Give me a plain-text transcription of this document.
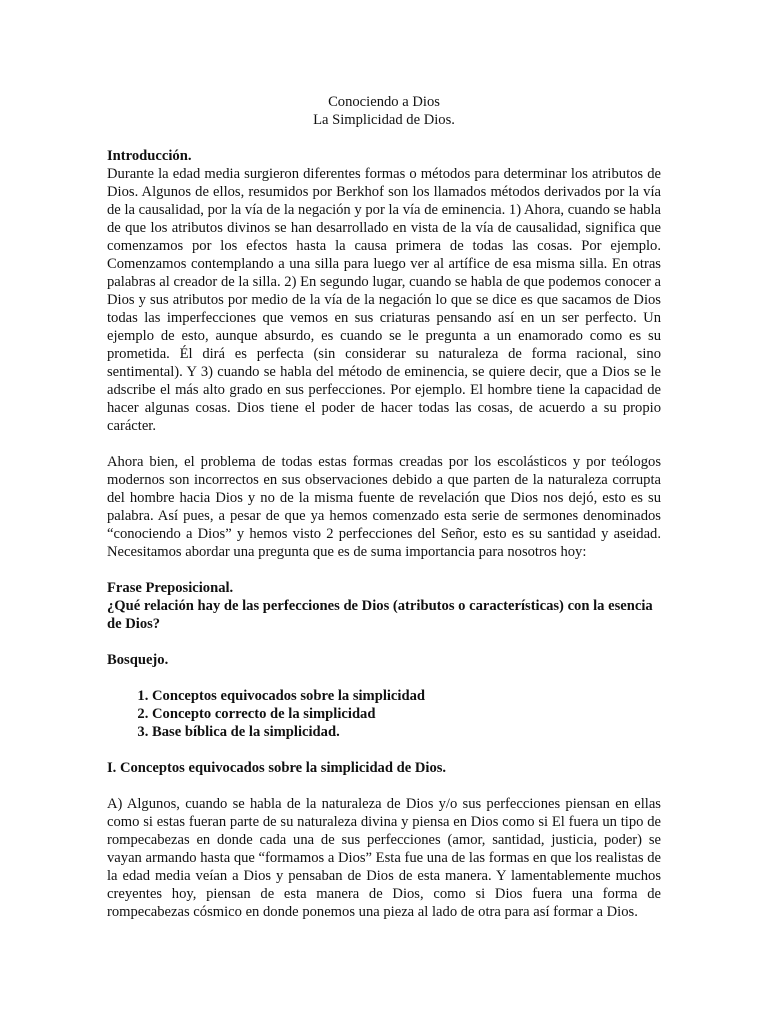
Conociendo a Dios

La Simplicidad de Dios.

Introducción.

Durante la edad media surgieron diferentes formas o métodos para determinar los atributos de Dios. Algunos de ellos, resumidos por Berkhof son los llamados métodos derivados por la vía de la causalidad, por la vía de la negación y por la vía de eminencia. 1) Ahora, cuando se habla de que los atributos divinos se han desarrollado en vista de la vía de causalidad, significa que comenzamos por los efectos hasta la causa primera de todas las cosas. Por ejemplo. Comenzamos contemplando a una silla para luego ver al artífice de esa misma silla. En otras palabras al creador de la silla. 2) En segundo lugar, cuando se habla de que podemos conocer a Dios y sus atributos por medio de la vía de la negación lo que se dice es que sacamos de Dios todas las imperfecciones que vemos en sus criaturas pensando así en un ser perfecto. Un ejemplo de esto, aunque absurdo, es cuando se le pregunta a un enamorado como es su prometida. Él dirá es perfecta (sin considerar su naturaleza de forma racional, sino sentimental). Y 3) cuando se habla del método de eminencia, se quiere decir, que a Dios se le adscribe el más alto grado en sus perfecciones. Por ejemplo. El hombre tiene la capacidad de hacer algunas cosas. Dios tiene el poder de hacer todas las cosas, de acuerdo a su propio carácter.

Ahora bien, el problema de todas estas formas creadas por los escolásticos y por teólogos modernos son incorrectos en sus observaciones debido a que parten de la naturaleza corrupta del hombre hacia Dios y no de la misma fuente de revelación que Dios nos dejó, esto es su palabra. Así pues, a pesar de que ya hemos comenzado esta serie de sermones denominados “conociendo a Dios” y hemos visto 2 perfecciones del Señor, esto es su santidad y aseidad. Necesitamos abordar una pregunta que es de suma importancia para nosotros hoy:

Frase Preposicional.

¿Qué relación hay de las perfecciones de Dios (atributos o características) con la esencia de Dios?

Bosquejo.

1. Conceptos equivocados sobre la simplicidad
2. Concepto correcto de la simplicidad
3. Base bíblica de la simplicidad.

I. Conceptos equivocados sobre la simplicidad de Dios.

A) Algunos, cuando se habla de la naturaleza de Dios y/o sus perfecciones piensan en ellas como si estas fueran parte de su naturaleza divina y piensa en Dios como si El fuera un tipo de rompecabezas en donde cada una de sus perfecciones (amor, santidad, justicia, poder) se vayan armando hasta que “formamos a Dios” Esta fue una de las formas en que los realistas de la edad media veían a Dios y pensaban de Dios de esta manera. Y lamentablemente muchos creyentes hoy, piensan de esta manera de Dios, como si Dios fuera una forma de rompecabezas cósmico en donde ponemos una pieza al lado de otra para así formar a Dios.
